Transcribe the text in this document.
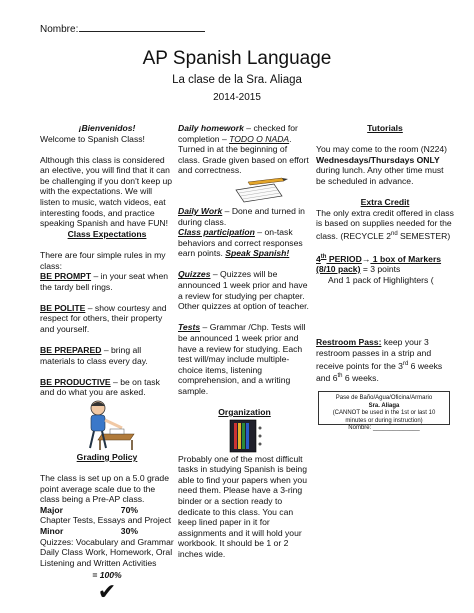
Nombre:
AP Spanish Language
La clase de la Sra. Aliaga
2014-2015

¡Bienvenidos!

Welcome to Spanish Class!

Although this class is considered an elective, you will find that it can be challenging if you don't keep up with the expectations. We will listen to music, watch videos, eat interesting foods, and practice speaking Spanish and have FUN!

Class Expectations

There are four simple rules in my class:

BE PROMPT – in your seat when the tardy bell rings.

BE POLITE – show courtesy and respect for others, their property and yourself.

BE PREPARED – bring all materials to class every day.

BE PRODUCTIVE – be on task and do what you are asked.

Grading Policy

The class is set up on a 5.0 grade point average scale due to the class being a Pre-AP class.

Major	70%

Chapter Tests, Essays and Project

Minor	30%

Quizzes: Vocabulary and Grammar Daily Class Work, Homework, Oral Listening and Written Activities

= 100%

✔

Daily homework – checked for completion – TODO O NADA. Turned in at the beginning of class. Grade given based on effort and correctness.

Daily Work – Done and turned in during class.

Class participation – on-task behaviors and correct responses earn points. Speak Spanish!

Quizzes – Quizzes will be announced 1 week prior and have a review for studying per chapter. Other quizzes at option of teacher.

Tests – Grammar /Chp. Tests will be announced 1 week prior and have a review for studying. Each test will/may include multiple-choice items, listening comprehension, and a writing sample.

Organization

Probably one of the most difficult tasks in studying Spanish is being able to find your papers when you need them. Please have a 3-ring binder or a section ready to dedicate to this class. You can keep lined paper in it for assignments and it will hold your workbook. It should be 1 or 2 inches wide.

Tutorials

You may come to the room (N224) Wednesdays/Thursdays ONLY during lunch. Any other time must be scheduled in advance.

Extra Credit

The only extra credit offered in class is based on supplies needed for the class. (RECYCLE 2nd SEMESTER)

4th PERIOD→ 1 box of Markers (8/10 pack) = 3 points

And 1 pack of Highlighters (

Restroom Pass: keep your 3 restroom passes in a strip and receive points for the 3rd 6 weeks and 6th 6 weeks.

Pase de Baño/Agua/Oficina/Armario

Sra. Aliaga

(CANNOT be used in the 1st or last 10 minutes or during instruction)

Nombre: ______________
